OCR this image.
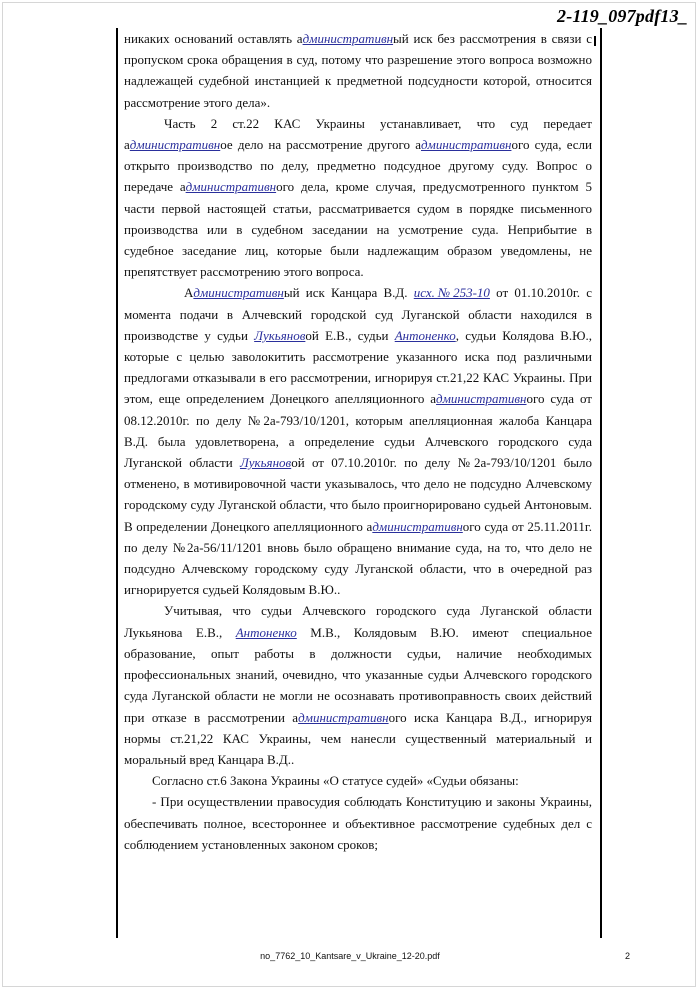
2-119_097pdf13_

никаких оснований оставлять административный иск без рассмотрения в связи с пропуском срока обращения в суд, потому что разрешение этого вопроса возможно надлежащей судебной инстанцией к предметной подсудности которой, относится рассмотрение этого дела».

Часть 2 ст.22 КАС Украины устанавливает, что суд передает административное дело на рассмотрение другого административного суда, если открыто производство по делу, предметно подсудное другому суду. Вопрос о передаче административного дела, кроме случая, предусмотренного пунктом 5 части первой настоящей статьи, рассматривается судом в порядке письменного производства или в судебном заседании на усмотрение суда. Неприбытие в судебное заседание лиц, которые были надлежащим образом уведомлены, не препятствует рассмотрению этого вопроса.

Административный иск Канцара В.Д. исх.№253-10 от 01.10.2010г. с момента подачи в Алчевский городской суд Луганской области находился в производстве у судьи Лукьяновой Е.В., судьи Антоненко, судьи Колядова В.Ю., которые с целью заволокитить рассмотрение указанного иска под различными предлогами отказывали в его рассмотрении, игнорируя ст.21,22 КАС Украины. При этом, еще определением Донецкого апелляционного административного суда от 08.12.2010г. по делу №2а-793/10/1201, которым апелляционная жалоба Канцара В.Д. была удовлетворена, а определение судьи Алчевского городского суда Луганской области Лукьяновой от 07.10.2010г. по делу №2а-793/10/1201 было отменено, в мотивировочной части указывалось, что дело не подсудно Алчевскому городскому суду Луганской области, что было проигнорировано судьей Антоновым. В определении Донецкого апелляционного административного суда от 25.11.2011г. по делу №2а-56/11/1201 вновь было обращено внимание суда, на то, что дело не подсудно Алчевскому городскому суду Луганской области, что в очередной раз игнорируется судьей Колядовым В.Ю..

Учитывая, что судьи Алчевского городского суда Луганской области Лукьянова Е.В., Антоненко М.В., Колядовым В.Ю. имеют специальное образование, опыт работы в должности судьи, наличие необходимых профессиональных знаний, очевидно, что указанные судьи Алчевского городского суда Луганской области не могли не осознавать противоправность своих действий при отказе в рассмотрении административного иска Канцара В.Д., игнорируя нормы ст.21,22 КАС Украины, чем нанесли существенный материальный и моральный вред Канцара В.Д..

Согласно ст.6 Закона Украины «О статусе судей» «Судьи обязаны:

- При осуществлении правосудия соблюдать Конституцию и законы Украины, обеспечивать полное, всестороннее и объективное рассмотрение судебных дел с соблюдением установленных законом сроков;

no_7762_10_Kantsare_v_Ukraine_12-20.pdf	2
